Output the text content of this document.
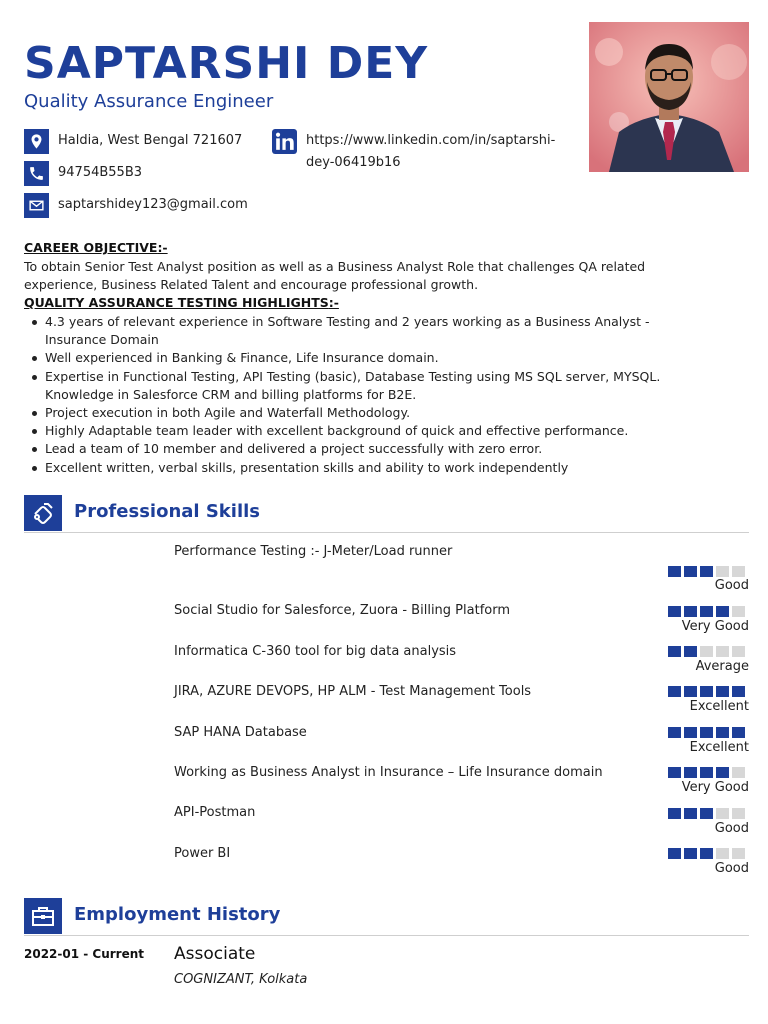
SAPTARSHI DEY
Quality Assurance Engineer
Haldia, West Bengal 721607
94754B55B3
saptarshidey123@gmail.com
https://www.linkedin.com/in/saptarshi-
dey-06419b16
CAREER OBJECTIVE:-
To obtain Senior Test Analyst position as well as a Business Analyst Role that challenges QA related
experience, Business Related Talent and encourage professional growth.
QUALITY ASSURANCE TESTING HIGHLIGHTS:-
4.3 years of relevant experience in Software Testing and 2 years working as a Business Analyst -
Insurance Domain
Well experienced in Banking & Finance, Life Insurance domain.
Expertise in Functional Testing, API Testing (basic), Database Testing using MS SQL server, MYSQL.
Knowledge in Salesforce CRM and billing platforms for B2E.
Project execution in both Agile and Waterfall Methodology.
Highly Adaptable team leader with excellent background of quick and effective performance.
Lead a team of 10 member and delivered a project successfully with zero error.
Excellent written, verbal skills, presentation skills and ability to work independently
Professional Skills
Performance Testing :- J-Meter/Load runner
Good
Social Studio for Salesforce, Zuora - Billing Platform
Very Good
Informatica C-360 tool for big data analysis
Average
JIRA, AZURE DEVOPS, HP ALM - Test Management Tools
Excellent
SAP HANA Database
Excellent
Working as Business Analyst in Insurance – Life Insurance domain
Very Good
API-Postman
Good
Power BI
Good
Employment History
2022-01 - Current Associate
COGNIZANT, Kolkata
